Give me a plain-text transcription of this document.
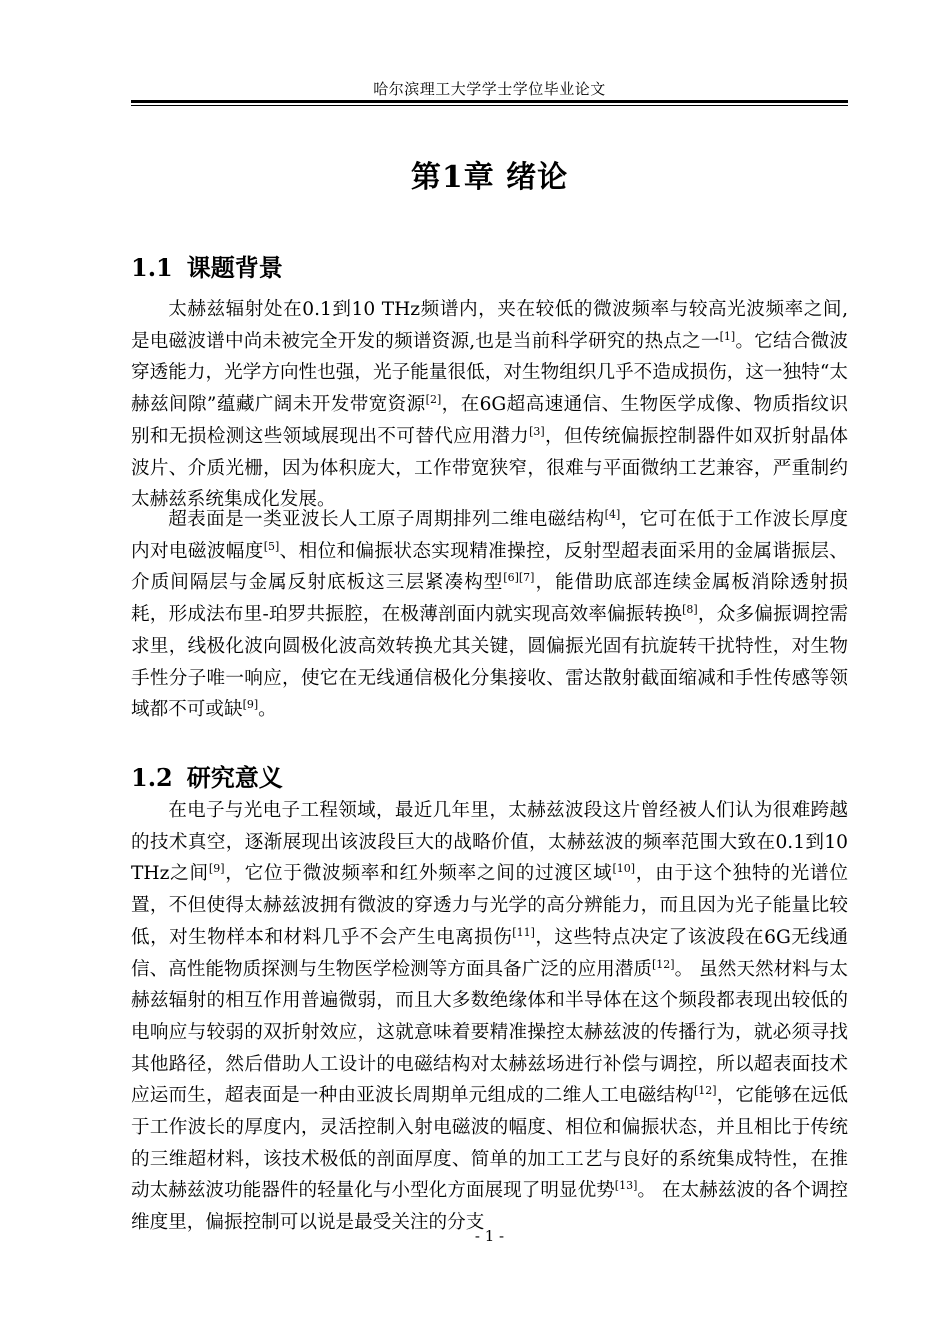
哈尔滨理工大学学士学位毕业论文
第1章 绪论
1.1 课题背景

太赫兹辐射处在0.1到10 THz频谱内，夹在较低的微波频率与较高光波频率之间,是电磁波谱中尚未被完全开发的频谱资源,也是当前科学研究的热点之一[1]。它结合微波穿透能力，光学方向性也强，光子能量很低，对生物组织几乎不造成损伤，这一独特“太赫兹间隙”蕴藏广阔未开发带宽资源[2]，在6G超高速通信、生物医学成像、物质指纹识别和无损检测这些领域展现出不可替代应用潜力[3]，但传统偏振控制器件如双折射晶体波片、介质光栅，因为体积庞大，工作带宽狭窄，很难与平面微纳工艺兼容，严重制约太赫兹系统集成化发展。

超表面是一类亚波长人工原子周期排列二维电磁结构[4]，它可在低于工作波长厚度内对电磁波幅度[5]、相位和偏振状态实现精准操控，反射型超表面采用的金属谐振层、介质间隔层与金属反射底板这三层紧凑构型[6][7]，能借助底部连续金属板消除透射损耗，形成法布里-珀罗共振腔，在极薄剖面内就实现高效率偏振转换[8]，众多偏振调控需求里，线极化波向圆极化波高效转换尤其关键，圆偏振光固有抗旋转干扰特性，对生物手性分子唯一响应，使它在无线通信极化分集接收、雷达散射截面缩减和手性传感等领域都不可或缺[9]。

1.2 研究意义

在电子与光电子工程领域，最近几年里，太赫兹波段这片曾经被人们认为很难跨越的技术真空，逐渐展现出该波段巨大的战略价值，太赫兹波的频率范围大致在0.1到10 THz之间[9]，它位于微波频率和红外频率之间的过渡区域[10]，由于这个独特的光谱位置，不但使得太赫兹波拥有微波的穿透力与光学的高分辨能力，而且因为光子能量比较低，对生物样本和材料几乎不会产生电离损伤[11]，这些特点决定了该波段在6G无线通信、高性能物质探测与生物医学检测等方面具备广泛的应用潜质[12]。 虽然天然材料与太赫兹辐射的相互作用普遍微弱，而且大多数绝缘体和半导体在这个频段都表现出较低的电响应与较弱的双折射效应，这就意味着要精准操控太赫兹波的传播行为，就必须寻找其他路径，然后借助人工设计的电磁结构对太赫兹场进行补偿与调控，所以超表面技术应运而生，超表面是一种由亚波长周期单元组成的二维人工电磁结构[12]，它能够在远低于工作波长的厚度内，灵活控制入射电磁波的幅度、相位和偏振状态，并且相比于传统的三维超材料，该技术极低的剖面厚度、简单的加工工艺与良好的系统集成特性，在推动太赫兹波功能器件的轻量化与小型化方面展现了明显优势[13]。 在太赫兹波的各个调控维度里，偏振控制可以说是最受关注的分支

- 1 -
